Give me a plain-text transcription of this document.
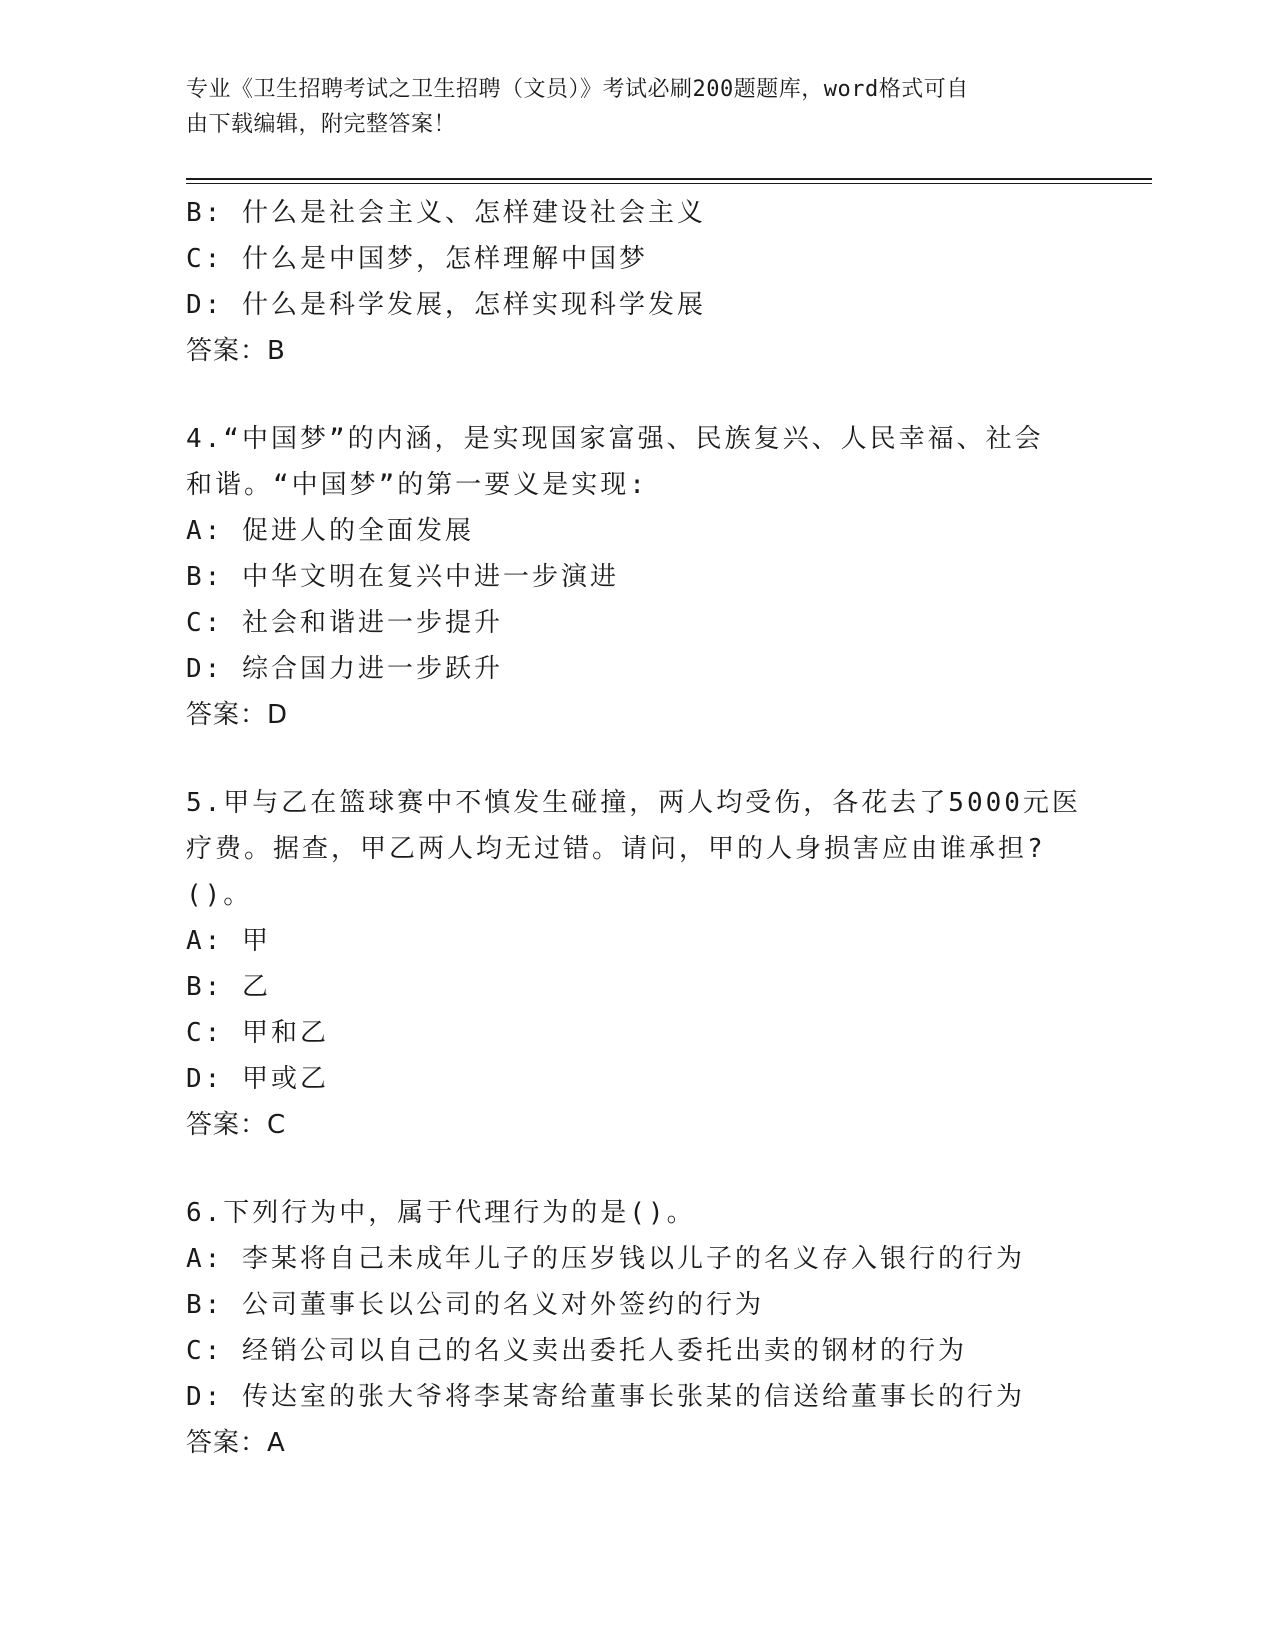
专业《卫生招聘考试之卫生招聘（文员）》考试必刷200题题库，word格式可自
由下载编辑，附完整答案！
B: 什么是社会主义、怎样建设社会主义
C: 什么是中国梦，怎样理解中国梦
D: 什么是科学发展，怎样实现科学发展
答案：B
4.“中国梦”的内涵，是实现国家富强、民族复兴、人民幸福、社会
和谐。“中国梦”的第一要义是实现:
A: 促进人的全面发展
B: 中华文明在复兴中进一步演进
C: 社会和谐进一步提升
D: 综合国力进一步跃升
答案：D
5.甲与乙在篮球赛中不慎发生碰撞，两人均受伤，各花去了5000元医
疗费。据查，甲乙两人均无过错。请问，甲的人身损害应由谁承担?
()。
A: 甲
B: 乙
C: 甲和乙
D: 甲或乙
答案：C
6.下列行为中，属于代理行为的是()。
A: 李某将自己未成年儿子的压岁钱以儿子的名义存入银行的行为
B: 公司董事长以公司的名义对外签约的行为
C: 经销公司以自己的名义卖出委托人委托出卖的钢材的行为
D: 传达室的张大爷将李某寄给董事长张某的信送给董事长的行为
答案：A
